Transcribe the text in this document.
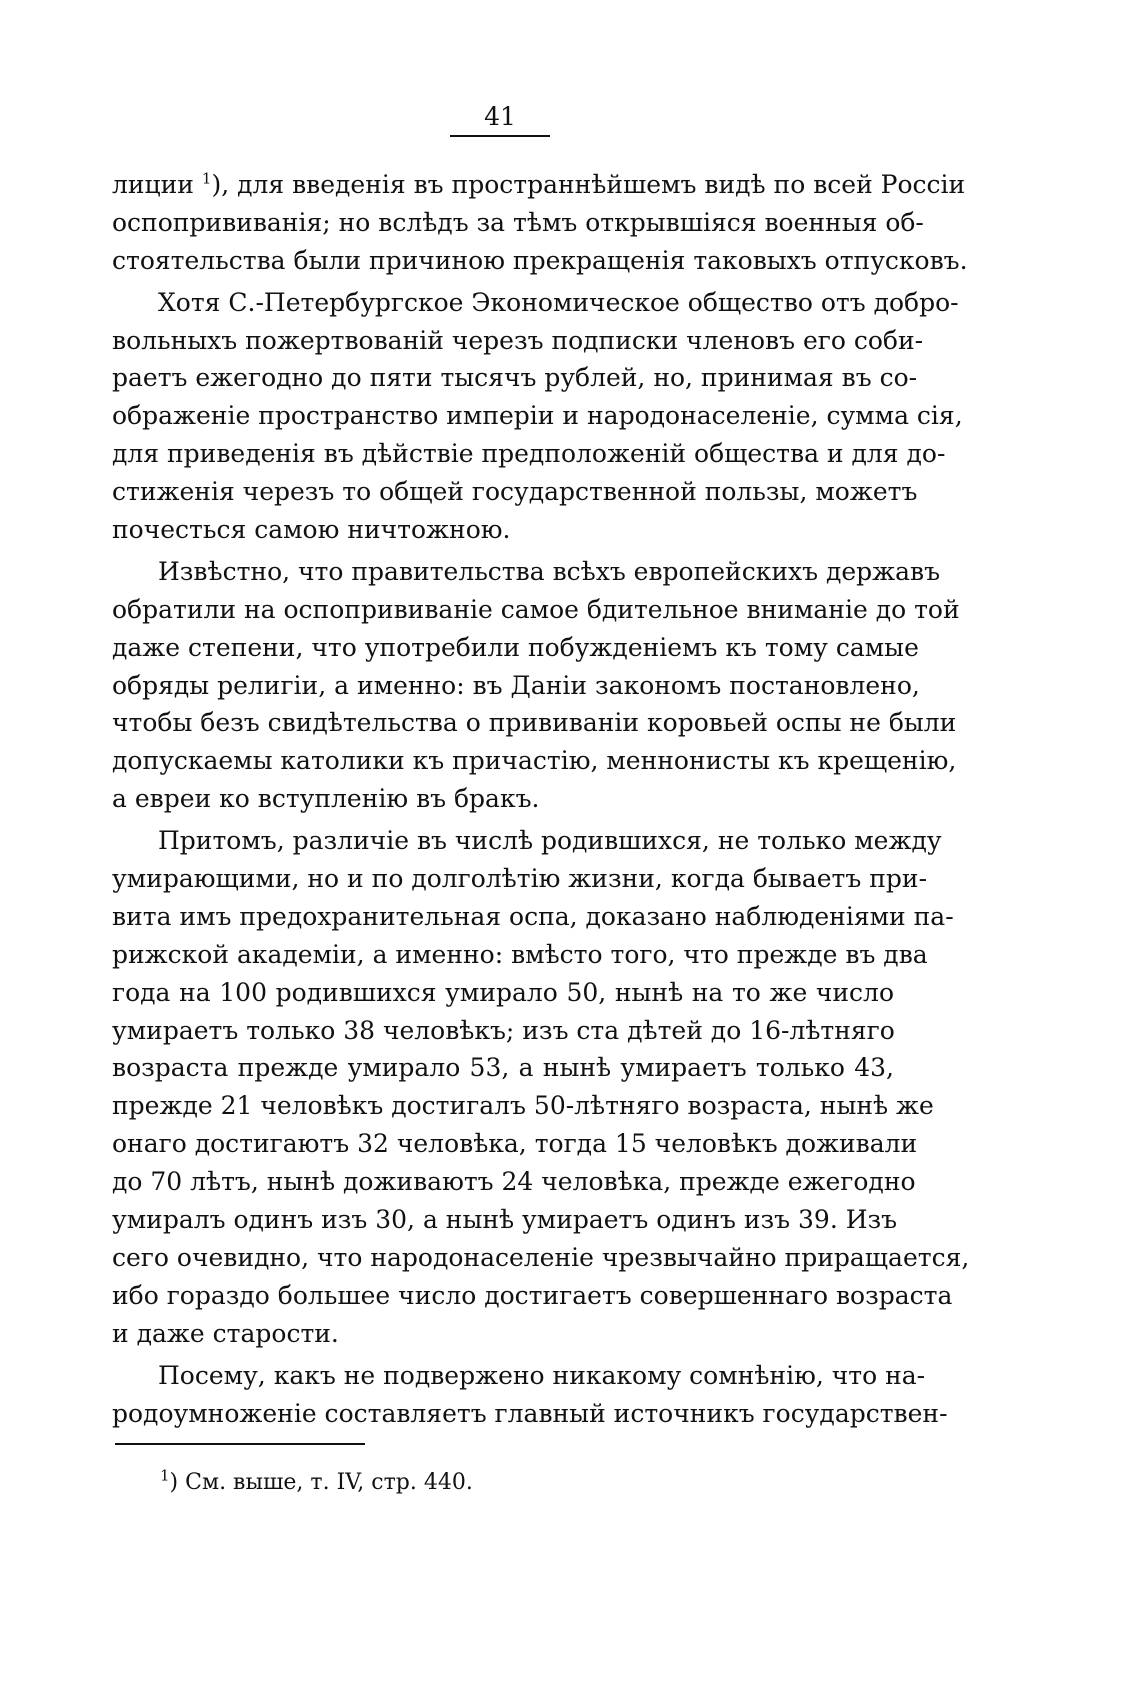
41

лиции $^1$), для введенія въ пространнѣйшемъ видѣ по всей Россіи
оспопрививанія; но вслѣдъ за тѣмъ открывшіяся военныя об-
стоятельства были причиною прекращенія таковыхъ отпусковъ.
Хотя С.-Петербургское Экономическое общество отъ добро-
вольныхъ пожертвованій черезъ подписки членовъ его соби-
раетъ ежегодно до пяти тысячъ рублей, но, принимая въ со-
ображеніе пространство имперіи и народонаселеніе, сумма сія,
для приведенія въ дѣйствіе предположеній общества и для до-
стиженія черезъ то общей государственной пользы, можетъ
почесться самою ничтожною.
Извѣстно, что правительства всѣхъ европейскихъ державъ
обратили на оспопрививаніе самое бдительное вниманіе до той
даже степени, что употребили побужденіемъ къ тому самые
обряды религіи, а именно: въ Даніи закономъ постановлено,
чтобы безъ свидѣтельства о прививаніи коровьей оспы не были
допускаемы католики къ причастію, меннонисты къ крещенію,
а евреи ко вступленію въ бракъ.
Притомъ, различіе въ числѣ родившихся, не только между
умирающими, но и по долголѣтію жизни, когда бываетъ при-
вита имъ предохранительная оспа, доказано наблюденіями па-
рижской академіи, а именно: вмѣсто того, что прежде въ два
года на 100 родившихся умирало 50, нынѣ на то же число
умираетъ только 38 человѣкъ; изъ ста дѣтей до 16-лѣтняго
возраста прежде умирало 53, а нынѣ умираетъ только 43,
прежде 21 человѣкъ достигалъ 50-лѣтняго возраста, нынѣ же
онаго достигаютъ 32 человѣка, тогда 15 человѣкъ доживали
до 70 лѣтъ, нынѣ доживаютъ 24 человѣка, прежде ежегодно
умиралъ одинъ изъ 30, а нынѣ умираетъ одинъ изъ 39. Изъ
сего очевидно, что народонаселеніе чрезвычайно приращается,
ибо гораздо большее число достигаетъ совершеннаго возраста
и даже старости.
Посему, какъ не подвержено никакому сомнѣнію, что на-
родоумноженіе составляетъ главный источникъ государствен-

$^1$) См. выше, т. IV, стр. 440.
